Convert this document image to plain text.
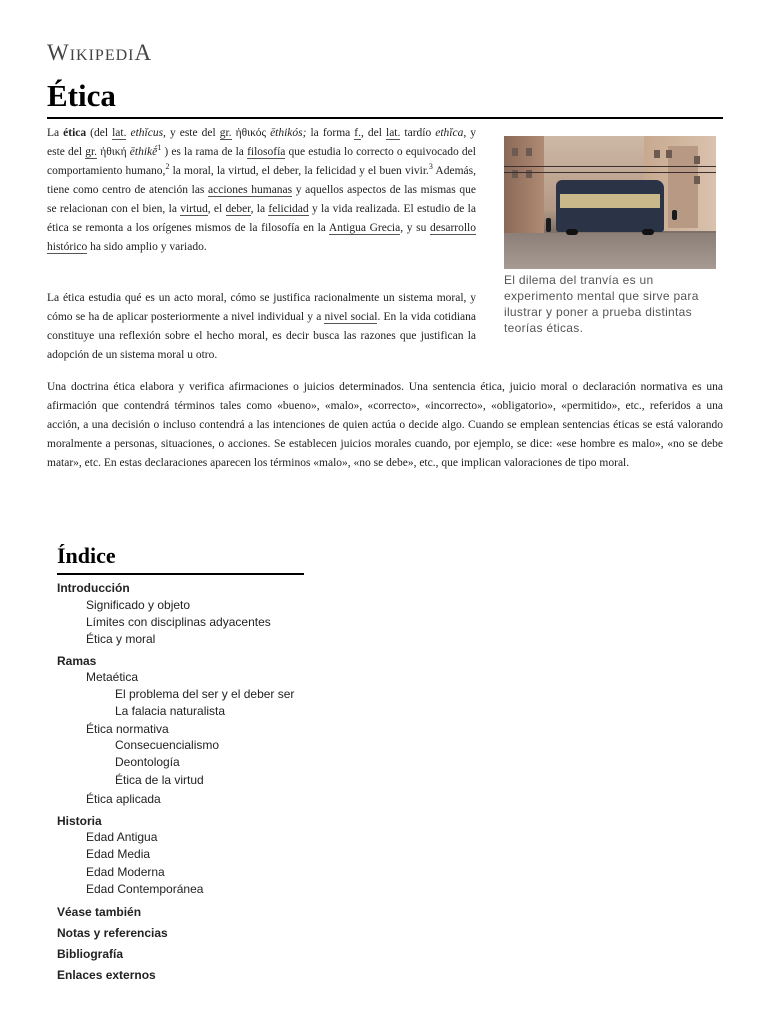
WIKIPEDIA
Ética

La ética (del lat. ethĭcus, y este del gr. ἠθικός ēthikós; la forma f., del lat. tardío ethĭca, y este del gr. ἠθική ēthikḗ$^1$ ) es la rama de la filosofía que estudia lo correcto o equivocado del comportamiento humano,$^2$ la moral, la virtud, el deber, la felicidad y el buen vivir.$^3$ Además, tiene como centro de atención las acciones humanas y aquellos aspectos de las mismas que se relacionan con el bien, la virtud, el deber, la felicidad y la vida realizada. El estudio de la ética se remonta a los orígenes mismos de la filosofía en la Antigua Grecia, y su desarrollo histórico ha sido amplio y variado.

La ética estudia qué es un acto moral, cómo se justifica racionalmente un sistema moral, y cómo se ha de aplicar posteriormente a nivel individual y a nivel social. En la vida cotidiana constituye una reflexión sobre el hecho moral, es decir busca las razones que justifican la adopción de un sistema moral u otro.

Una doctrina ética elabora y verifica afirmaciones o juicios determinados. Una sentencia ética, juicio moral o declaración normativa es una afirmación que contendrá términos tales como «bueno», «malo», «correcto», «incorrecto», «obligatorio», «permitido», etc., referidos a una acción, a una decisión o incluso contendrá a las intenciones de quien actúa o decide algo. Cuando se emplean sentencias éticas se está valorando moralmente a personas, situaciones, o acciones. Se establecen juicios morales cuando, por ejemplo, se dice: «ese hombre es malo», «no se debe matar», etc. En estas declaraciones aparecen los términos «malo», «no se debe», etc., que implican valoraciones de tipo moral.

El dilema del tranvía es un experimento mental que sirve para ilustrar y poner a prueba distintas teorías éticas.
Índice
Introducción
Significado y objeto
Límites con disciplinas adyacentes
Ética y moral
Ramas
Metaética
El problema del ser y el deber ser
La falacia naturalista
Ética normativa
Consecuencialismo
Deontología
Ética de la virtud
Ética aplicada
Historia
Edad Antigua
Edad Media
Edad Moderna
Edad Contemporánea
Véase también
Notas y referencias
Bibliografía
Enlaces externos
